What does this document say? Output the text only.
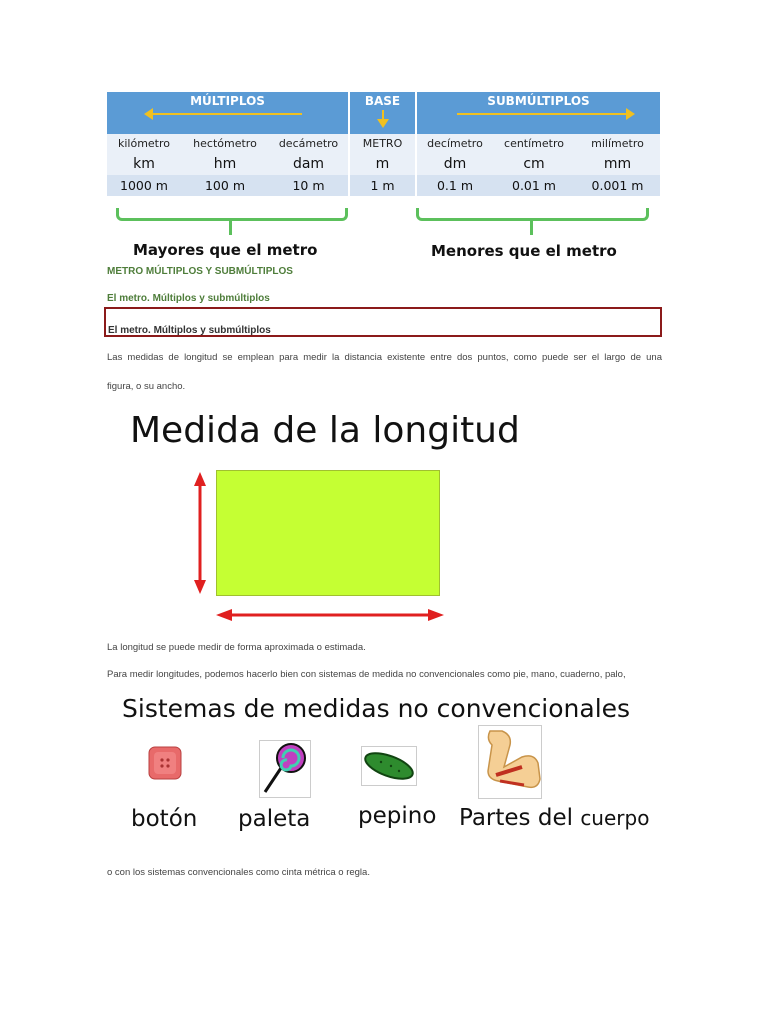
MÚLTIPLOS	BASE	SUBMÚLTIPLOS
kilómetro	hectómetro	decámetro	METRO	decímetro	centímetro	milímetro
km	hm	dam	m	dm	cm	mm
1000 m	100 m	10 m	1 m	0.1 m	0.01 m	0.001 m
Mayores que el metro	Menores que el metro
METRO MÚLTIPLOS Y SUBMÚLTIPLOS
El metro. Múltiplos y submúltiplos
El metro. Múltiplos y submúltiplos
Las medidas de longitud se emplean para medir la distancia existente entre dos puntos, como puede ser el largo de una
figura, o su ancho.
Medida de la longitud
La longitud se puede medir de forma aproximada o estimada.
Para medir longitudes, podemos hacerlo bien con sistemas de medida no convencionales como pie, mano, cuaderno, palo,
Sistemas de medidas no convencionales
botón paleta pepino Partes del cuerpo
o con los sistemas convencionales como cinta métrica o regla.
